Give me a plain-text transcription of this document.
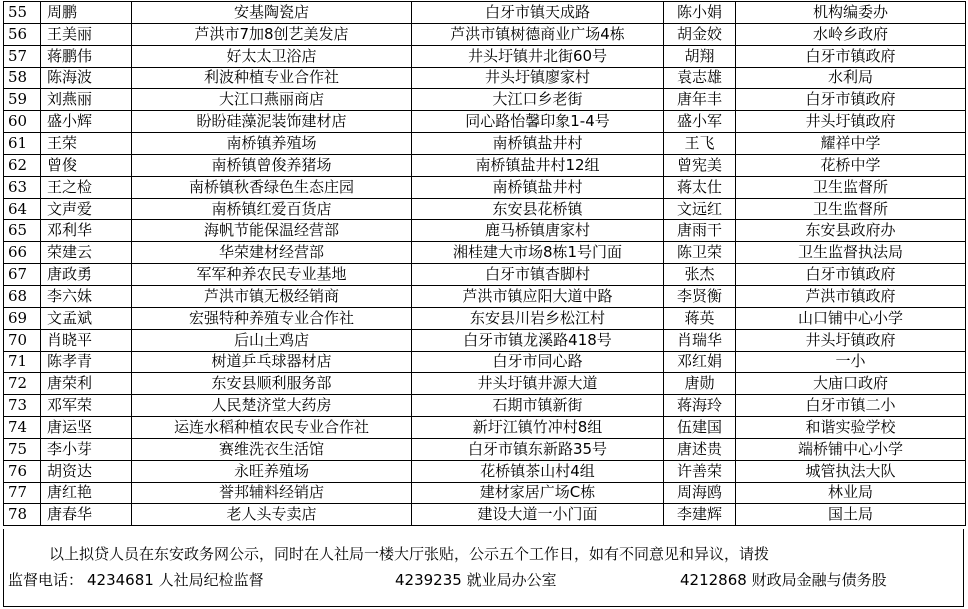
55	周鹏	安基陶瓷店	白牙市镇天成路	陈小娟	机构编委办
56	王美丽	芦洪市7加8创艺美发店	芦洪市镇树德商业广场4栋	胡金姣	水岭乡政府
57	蒋鹏伟	好太太卫浴店	井头圩镇井北街60号	胡翔	白牙市镇政府
58	陈海波	利波种植专业合作社	井头圩镇廖家村	袁志雄	水利局
59	刘燕丽	大江口燕丽商店	大江口乡老街	唐年丰	白牙市镇政府
60	盛小辉	盼盼硅藻泥装饰建材店	同心路怡馨印象1-4号	盛小军	井头圩镇政府
61	王荣	南桥镇养殖场	南桥镇盐井村	王飞	耀祥中学
62	曾俊	南桥镇曾俊养猪场	南桥镇盐井村12组	曾宪美	花桥中学
63	王之检	南桥镇秋香绿色生态庄园	南桥镇盐井村	蒋太仕	卫生监督所
64	文声爱	南桥镇红爱百货店	东安县花桥镇	文远红	卫生监督所
65	邓利华	海帆节能保温经营部	鹿马桥镇唐家村	唐雨干	东安县政府办
66	荣建云	华荣建材经营部	湘桂建大市场8栋1号门面	陈卫荣	卫生监督执法局
67	唐政勇	军军种养农民专业基地	白牙市镇杳脚村	张杰	白牙市镇政府
68	李六妹	芦洪市镇无极经销商	芦洪市镇应阳大道中路	李贤衡	芦洪市镇政府
69	文孟斌	宏强特种养殖专业合作社	东安县川岩乡松江村	蒋英	山口铺中心小学
70	肖晓平	后山土鸡店	白牙市镇龙溪路418号	肖瑞华	井头圩镇政府
71	陈孝青	树道乒乓球器材店	白牙市同心路	邓红娟	一小
72	唐荣利	东安县顺利服务部	井头圩镇井源大道	唐勋	大庙口政府
73	邓军荣	人民楚济堂大药房	石期市镇新街	蒋海玲	白牙市镇二小
74	唐运坚	运连水稻种植农民专业合作社	新圩江镇竹冲村8组	伍建国	和谐实验学校
75	李小芽	赛维洗衣生活馆	白牙市镇东新路35号	唐述贵	端桥铺中心小学
76	胡资达	永旺养殖场	花桥镇茶山村4组	许善荣	城管执法大队
77	唐红艳	誉邦辅料经销店	建材家居广场C栋	周海鸥	林业局
78	唐春华	老人头专卖店	建设大道一小门面	李建辉	国土局
以上拟贷人员在东安政务网公示，同时在人社局一楼大厅张贴，公示五个工作日，如有不同意见和异议，请拨
监督电话： 4234681 人社局纪检监督	4239235 就业局办公室	4212868 财政局金融与债务股
